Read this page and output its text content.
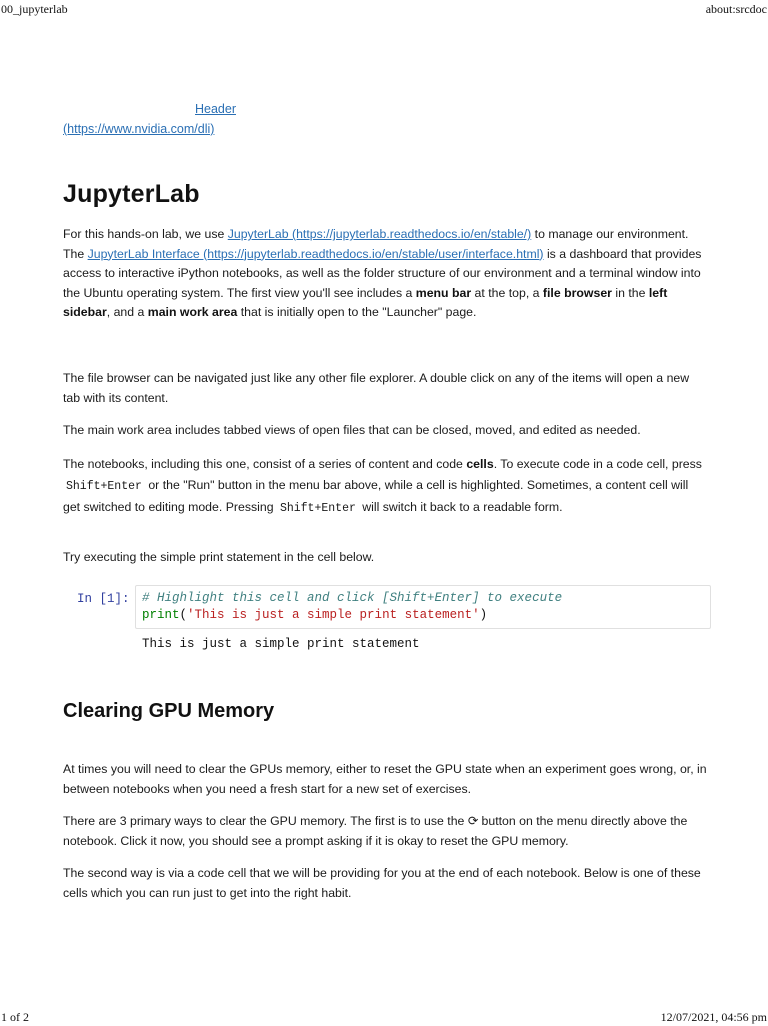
00_jupyterlab	about:srcdoc
Header
(https://www.nvidia.com/dli)
JupyterLab

For this hands-on lab, we use JupyterLab (https://jupyterlab.readthedocs.io/en/stable/) to manage our environment. The JupyterLab Interface (https://jupyterlab.readthedocs.io/en/stable/user/interface.html) is a dashboard that provides access to interactive iPython notebooks, as well as the folder structure of our environment and a terminal window into the Ubuntu operating system. The first view you'll see includes a menu bar at the top, a file browser in the left sidebar, and a main work area that is initially open to the "Launcher" page.

The file browser can be navigated just like any other file explorer. A double click on any of the items will open a new tab with its content.

The main work area includes tabbed views of open files that can be closed, moved, and edited as needed.

The notebooks, including this one, consist of a series of content and code cells. To execute code in a code cell, press Shift+Enter or the "Run" button in the menu bar above, while a cell is highlighted. Sometimes, a content cell will get switched to editing mode. Pressing Shift+Enter will switch it back to a readable form.

Try executing the simple print statement in the cell below.

In [1]: # Highlight this cell and click [Shift+Enter] to execute
print('This is just a simple print statement')
This is just a simple print statement
Clearing GPU Memory

At times you will need to clear the GPUs memory, either to reset the GPU state when an experiment goes wrong, or, in between notebooks when you need a fresh start for a new set of exercises.

There are 3 primary ways to clear the GPU memory. The first is to use the ⟳ button on the menu directly above the notebook. Click it now, you should see a prompt asking if it is okay to reset the GPU memory.

The second way is via a code cell that we will be providing for you at the end of each notebook. Below is one of these cells which you can run just to get into the right habit.

1 of 2	12/07/2021, 04:56 pm
